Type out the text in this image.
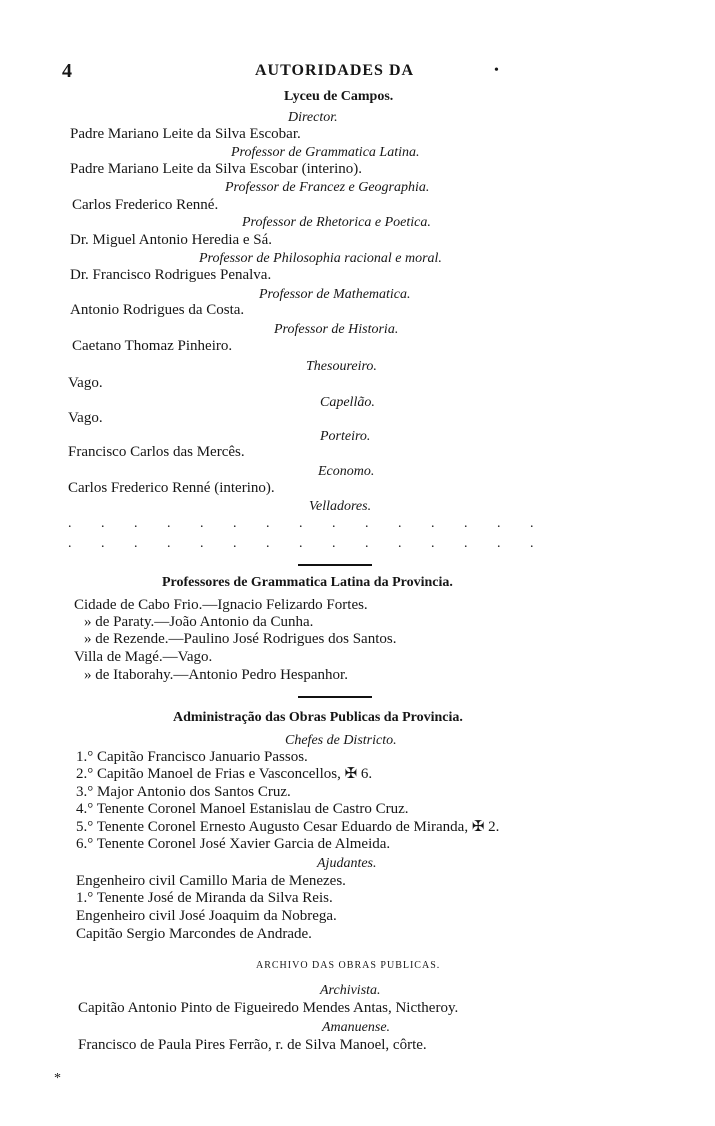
4	AUTORIDADES DA	•
Lyceu de Campos.
Director.
Padre Mariano Leite da Silva Escobar.
Professor de Grammatica Latina.
Padre Mariano Leite da Silva Escobar (interino).
Professor de Francez e Geographia.
Carlos Frederico Renné.
Professor de Rhetorica e Poetica.
Dr. Miguel Antonio Heredia e Sá.
Professor de Philosophia racional e moral.
Dr. Francisco Rodrigues Penalva.
Professor de Mathematica.
Antonio Rodrigues da Costa.
Professor de Historia.
Caetano Thomaz Pinheiro.
Thesoureiro.
Vago.
Capellão.
Vago.
Porteiro.
Francisco Carlos das Mercês.
Economo.
Carlos Frederico Renné (interino).
Velladores.
. . . . . . . . . . . . . . .
. . . . . . . . . . . . . . .
Professores de Grammatica Latina da Provincia.
Cidade de Cabo Frio.—Ignacio Felizardo Fortes.
» de Paraty.—João Antonio da Cunha.
» de Rezende.—Paulino José Rodrigues dos Santos.
Villa de Magé.—Vago.
» de Itaborahy.—Antonio Pedro Hespanhor.
Administração das Obras Publicas da Provincia.
Chefes de Districto.
1.° Capitão Francisco Januario Passos.
2.° Capitão Manoel de Frias e Vasconcellos, ✠ 6.
3.° Major Antonio dos Santos Cruz.
4.° Tenente Coronel Manoel Estanislau de Castro Cruz.
5.° Tenente Coronel Ernesto Augusto Cesar Eduardo de Miranda, ✠ 2.
6.° Tenente Coronel José Xavier Garcia de Almeida.
Ajudantes.
Engenheiro civil Camillo Maria de Menezes.
1.° Tenente José de Miranda da Silva Reis.
Engenheiro civil José Joaquim da Nobrega.
Capitão Sergio Marcondes de Andrade.
ARCHIVO DAS OBRAS PUBLICAS.
Archivista.
Capitão Antonio Pinto de Figueiredo Mendes Antas, Nictheroy.
Amanuense.
Francisco de Paula Pires Ferrão, r. de Silva Manoel, côrte.
*
